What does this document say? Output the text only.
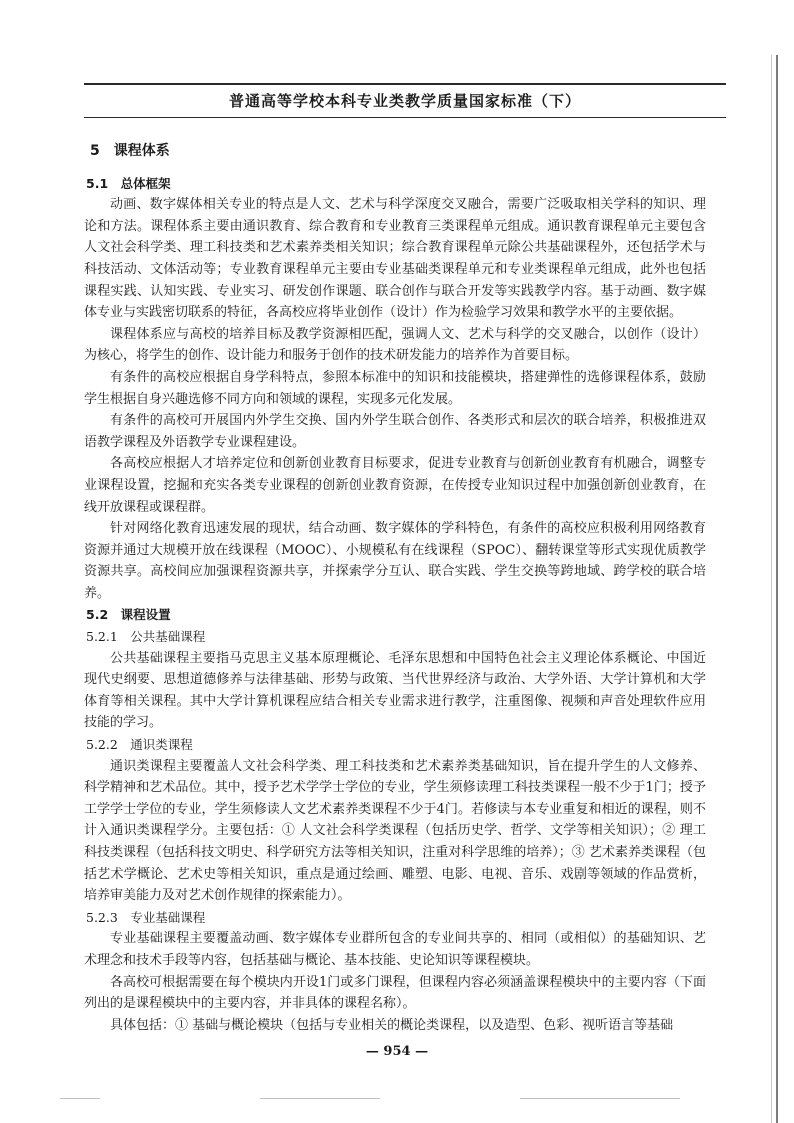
普通高等学校本科专业类教学质量国家标准（下）
5　课程体系
5.1　总体框架

动画、数字媒体相关专业的特点是人文、艺术与科学深度交叉融合，需要广泛吸取相关学科的知识、理论和方法。课程体系主要由通识教育、综合教育和专业教育三类课程单元组成。通识教育课程单元主要包含人文社会科学类、理工科技类和艺术素养类相关知识；综合教育课程单元除公共基础课程外，还包括学术与科技活动、文体活动等；专业教育课程单元主要由专业基础类课程单元和专业类课程单元组成，此外也包括课程实践、认知实践、专业实习、研发创作课题、联合创作与联合开发等实践教学内容。基于动画、数字媒体专业与实践密切联系的特征，各高校应将毕业创作（设计）作为检验学习效果和教学水平的主要依据。

课程体系应与高校的培养目标及教学资源相匹配，强调人文、艺术与科学的交叉融合，以创作（设计）为核心，将学生的创作、设计能力和服务于创作的技术研发能力的培养作为首要目标。

有条件的高校应根据自身学科特点，参照本标准中的知识和技能模块，搭建弹性的选修课程体系，鼓励学生根据自身兴趣选修不同方向和领域的课程，实现多元化发展。

有条件的高校可开展国内外学生交换、国内外学生联合创作、各类形式和层次的联合培养，积极推进双语教学课程及外语教学专业课程建设。

各高校应根据人才培养定位和创新创业教育目标要求，促进专业教育与创新创业教育有机融合，调整专业课程设置，挖掘和充实各类专业课程的创新创业教育资源，在传授专业知识过程中加强创新创业教育，在线开放课程或课程群。

针对网络化教育迅速发展的现状，结合动画、数字媒体的学科特色，有条件的高校应积极利用网络教育资源并通过大规模开放在线课程（MOOC）、小规模私有在线课程（SPOC）、翻转课堂等形式实现优质教学资源共享。高校间应加强课程资源共享，并探索学分互认、联合实践、学生交换等跨地域、跨学校的联合培养。

5.2　课程设置
5.2.1　公共基础课程

公共基础课程主要指马克思主义基本原理概论、毛泽东思想和中国特色社会主义理论体系概论、中国近现代史纲要、思想道德修养与法律基础、形势与政策、当代世界经济与政治、大学外语、大学计算机和大学体育等相关课程。其中大学计算机课程应结合相关专业需求进行教学，注重图像、视频和声音处理软件应用技能的学习。

5.2.2　通识类课程

通识类课程主要覆盖人文社会科学类、理工科技类和艺术素养类基础知识，旨在提升学生的人文修养、科学精神和艺术品位。其中，授予艺术学学士学位的专业，学生须修读理工科技类课程一般不少于1门；授予工学学士学位的专业，学生须修读人文艺术素养类课程不少于4门。若修读与本专业重复和相近的课程，则不计入通识类课程学分。主要包括：① 人文社会科学类课程（包括历史学、哲学、文学等相关知识）；② 理工科技类课程（包括科技文明史、科学研究方法等相关知识，注重对科学思维的培养）；③ 艺术素养类课程（包括艺术学概论、艺术史等相关知识，重点是通过绘画、雕塑、电影、电视、音乐、戏剧等领域的作品赏析，培养审美能力及对艺术创作规律的探索能力）。

5.2.3　专业基础课程

专业基础课程主要覆盖动画、数字媒体专业群所包含的专业间共享的、相同（或相似）的基础知识、艺术理念和技术手段等内容，包括基础与概论、基本技能、史论知识等课程模块。

各高校可根据需要在每个模块内开设1门或多门课程，但课程内容必须涵盖课程模块中的主要内容（下面列出的是课程模块中的主要内容，并非具体的课程名称）。

具体包括：① 基础与概论模块（包括与专业相关的概论类课程，以及造型、色彩、视听语言等基础

— 954 —
